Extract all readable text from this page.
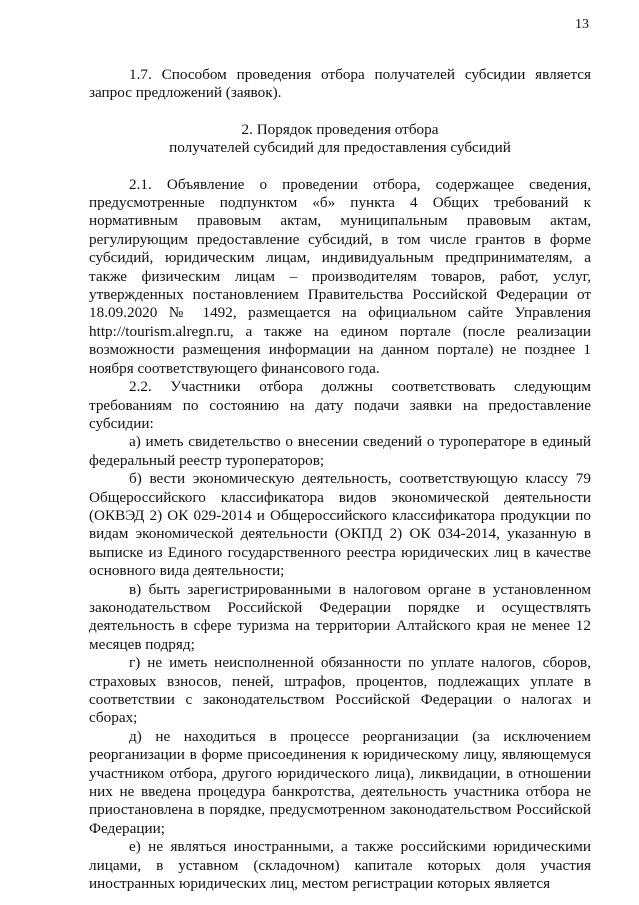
13

1.7. Способом проведения отбора получателей субсидии является запрос предложений (заявок).

2. Порядок проведения отбора
получателей субсидий для предоставления субсидий

2.1. Объявление о проведении отбора, содержащее сведения, предусмотренные подпунктом «б» пункта 4 Общих требований к нормативным правовым актам, муниципальным правовым актам, регулирующим предоставление субсидий, в том числе грантов в форме субсидий, юридическим лицам, индивидуальным предпринимателям, а также физическим лицам – производителям товаров, работ, услуг, утвержденных постановлением Правительства Российской Федерации от 18.09.2020 № 1492, размещается на официальном сайте Управления http://tourism.alregn.ru, а также на едином портале (после реализации возможности размещения информации на данном портале) не позднее 1 ноября соответствующего финансового года.

2.2. Участники отбора должны соответствовать следующим требованиям по состоянию на дату подачи заявки на предоставление субсидии:

а) иметь свидетельство о внесении сведений о туроператоре в единый федеральный реестр туроператоров;

б) вести экономическую деятельность, соответствующую классу 79 Общероссийского классификатора видов экономической деятельности (ОКВЭД 2) ОК 029-2014 и Общероссийского классификатора продукции по видам экономической деятельности (ОКПД 2) ОК 034-2014, указанную в выписке из Единого государственного реестра юридических лиц в качестве основного вида деятельности;

в) быть зарегистрированными в налоговом органе в установленном законодательством Российской Федерации порядке и осуществлять деятельность в сфере туризма на территории Алтайского края не менее 12 месяцев подряд;

г) не иметь неисполненной обязанности по уплате налогов, сборов, страховых взносов, пеней, штрафов, процентов, подлежащих уплате в соответствии с законодательством Российской Федерации о налогах и сборах;

д) не находиться в процессе реорганизации (за исключением реорганизации в форме присоединения к юридическому лицу, являющемуся участником отбора, другого юридического лица), ликвидации, в отношении них не введена процедура банкротства, деятельность участника отбора не приостановлена в порядке, предусмотренном законодательством Российской Федерации;

е) не являться иностранными, а также российскими юридическими лицами, в уставном (складочном) капитале которых доля участия иностранных юридических лиц, местом регистрации которых является
